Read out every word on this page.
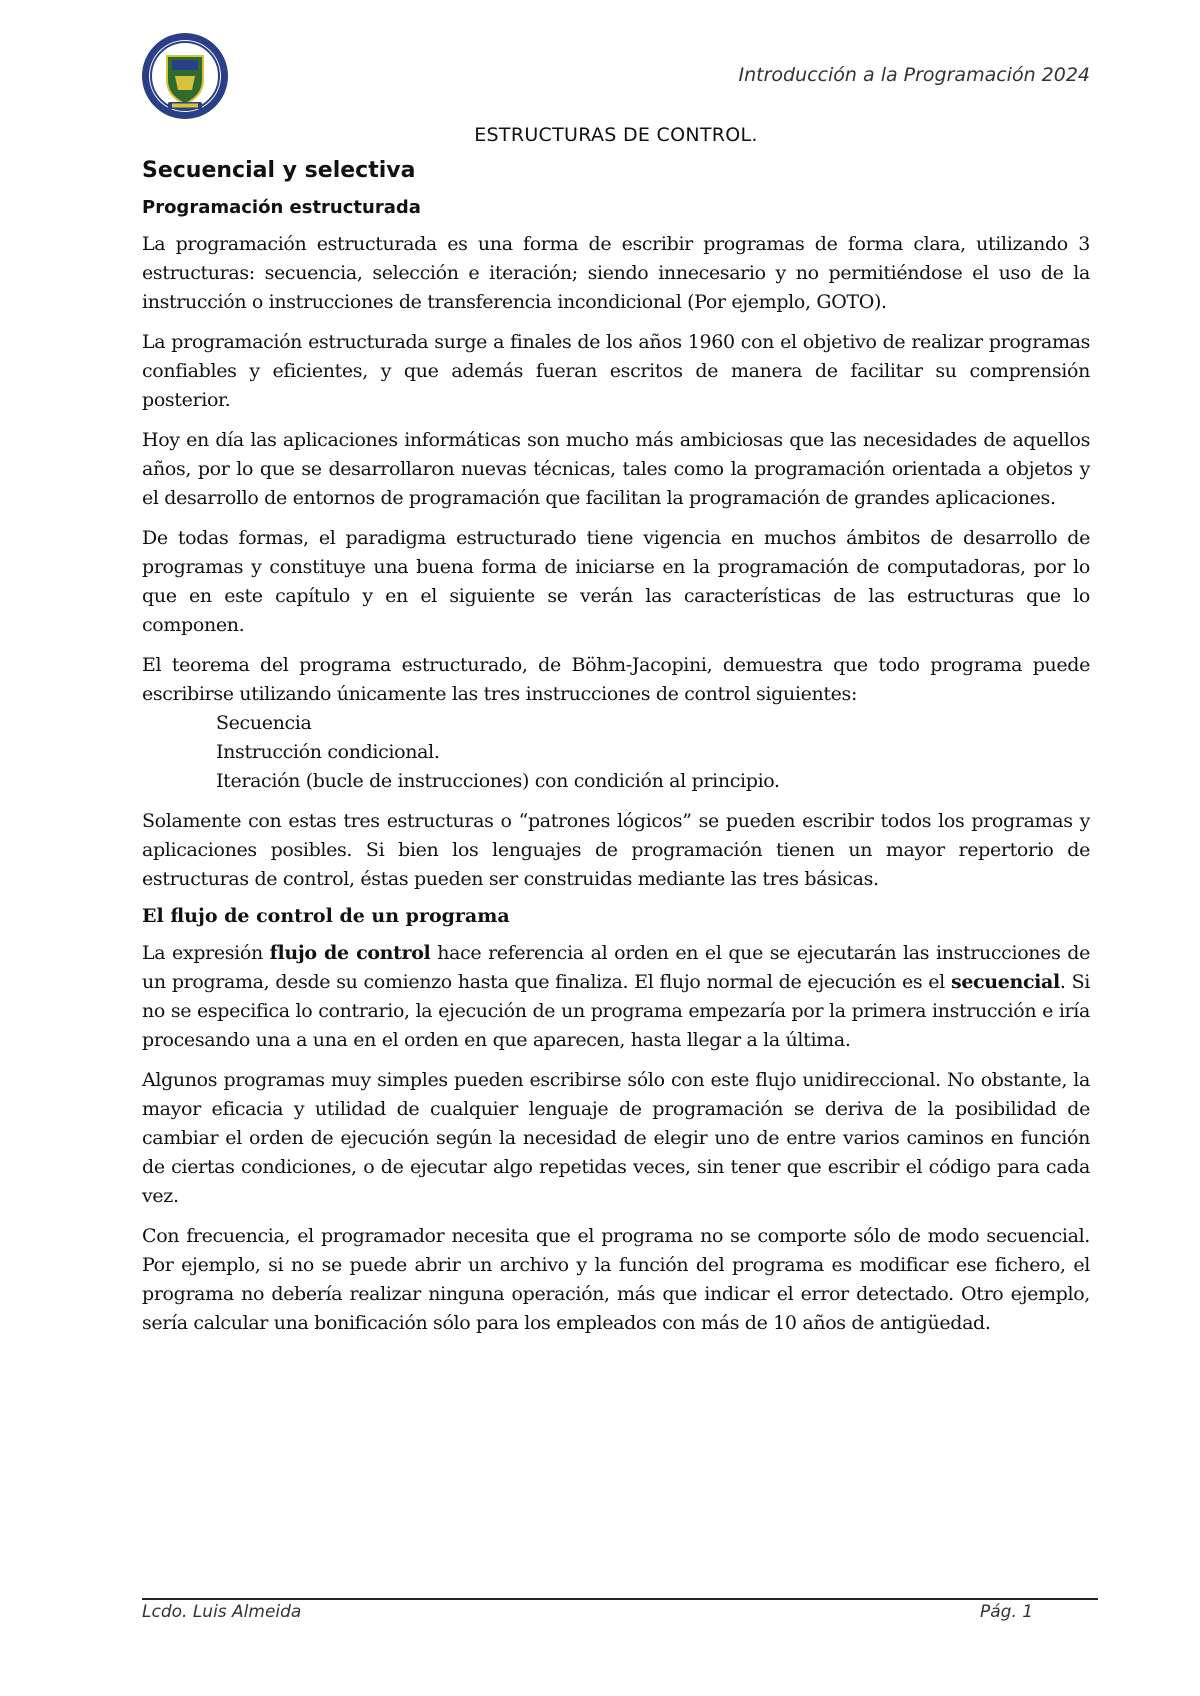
Introducción a la Programación 2024
ESTRUCTURAS DE CONTROL.
Secuencial y selectiva
Programación estructurada

La programación estructurada es una forma de escribir programas de forma clara, utilizando 3 estructuras: secuencia, selección e iteración; siendo innecesario y no permitiéndose el uso de la instrucción o instrucciones de transferencia incondicional (Por ejemplo, GOTO).

La programación estructurada surge a finales de los años 1960 con el objetivo de realizar programas confiables y eficientes, y que además fueran escritos de manera de facilitar su comprensión posterior.

Hoy en día las aplicaciones informáticas son mucho más ambiciosas que las necesidades de aquellos años, por lo que se desarrollaron nuevas técnicas, tales como la programación orientada a objetos y el desarrollo de entornos de programación que facilitan la programación de grandes aplicaciones.

De todas formas, el paradigma estructurado tiene vigencia en muchos ámbitos de desarrollo de programas y constituye una buena forma de iniciarse en la programación de computadoras, por lo que en este capítulo y en el siguiente se verán las características de las estructuras que lo componen.

El teorema del programa estructurado, de Böhm-Jacopini, demuestra que todo programa puede escribirse utilizando únicamente las tres instrucciones de control siguientes:

Secuencia
Instrucción condicional.
Iteración (bucle de instrucciones) con condición al principio.

Solamente con estas tres estructuras o “patrones lógicos” se pueden escribir todos los programas y aplicaciones posibles. Si bien los lenguajes de programación tienen un mayor repertorio de estructuras de control, éstas pueden ser construidas mediante las tres básicas.

El flujo de control de un programa

La expresión flujo de control hace referencia al orden en el que se ejecutarán las instrucciones de un programa, desde su comienzo hasta que finaliza. El flujo normal de ejecución es el secuencial. Si no se especifica lo contrario, la ejecución de un programa empezaría por la primera instrucción e iría procesando una a una en el orden en que aparecen, hasta llegar a la última.

Algunos programas muy simples pueden escribirse sólo con este flujo unidireccional. No obstante, la mayor eficacia y utilidad de cualquier lenguaje de programación se deriva de la posibilidad de cambiar el orden de ejecución según la necesidad de elegir uno de entre varios caminos en función de ciertas condiciones, o de ejecutar algo repetidas veces, sin tener que escribir el código para cada vez.

Con frecuencia, el programador necesita que el programa no se comporte sólo de modo secuencial. Por ejemplo, si no se puede abrir un archivo y la función del programa es modificar ese fichero, el programa no debería realizar ninguna operación, más que indicar el error detectado. Otro ejemplo, sería calcular una bonificación sólo para los empleados con más de 10 años de antigüedad.

Lcdo. Luis Almeida	Pág. 1
